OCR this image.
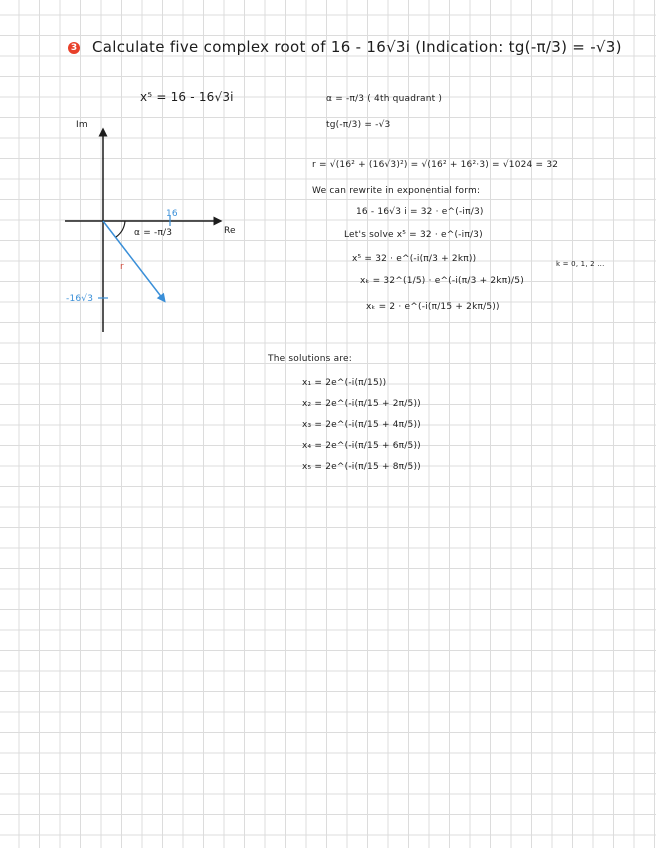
3 Calculate five complex root of 16 - 16√3i (Indication: tg(-π/3) = -√3)
x⁵ = 16 - 16√3i
Im
Re
16
-16√3
α = -π/3
r
α = -π/3 ( 4th quadrant )
tg(-π/3) = -√3
r = √(16² + (16√3)²) = √(16² + 16²·3) = √1024 = 32
We can rewrite in exponential form:
16 - 16√3 i = 32 · e^(-iπ/3)
Let's solve x⁵ = 32 · e^(-iπ/3)
x⁵ = 32 · e^(-i(π/3 + 2kπ))	k = 0, 1, 2 ...
xₖ = 32^(1/5) · e^(-i(π/3 + 2kπ)/5)
xₖ = 2 · e^(-i(π/15 + 2kπ/5))
The solutions are:
x₁ = 2e^(-i(π/15))
x₂ = 2e^(-i(π/15 + 2π/5))
x₃ = 2e^(-i(π/15 + 4π/5))
x₄ = 2e^(-i(π/15 + 6π/5))
x₅ = 2e^(-i(π/15 + 8π/5))
